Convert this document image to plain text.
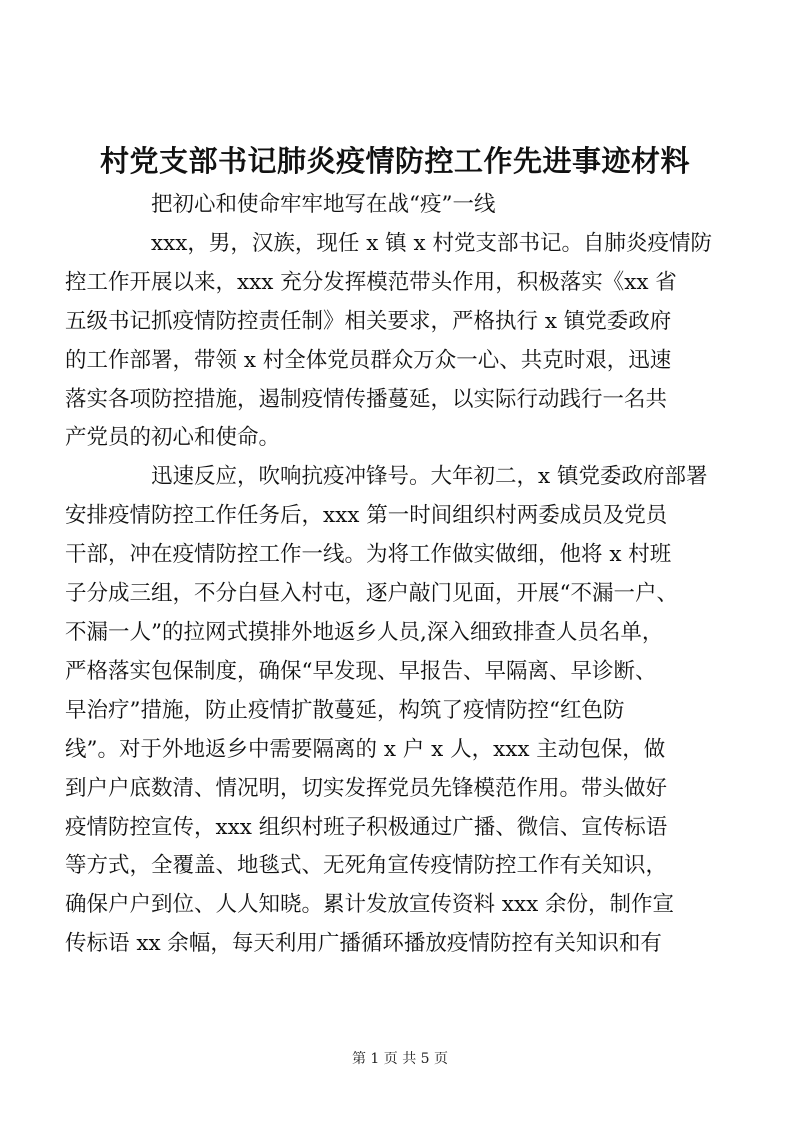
村党支部书记肺炎疫情防控工作先进事迹材料

把初心和使命牢牢地写在战“疫”一线

xxx，男，汉族，现任 x 镇 x 村党支部书记。自肺炎疫情防
控工作开展以来，xxx 充分发挥模范带头作用，积极落实《xx 省
五级书记抓疫情防控责任制》相关要求，严格执行 x 镇党委政府
的工作部署，带领 x 村全体党员群众万众一心、共克时艰，迅速
落实各项防控措施，遏制疫情传播蔓延，以实际行动践行一名共
产党员的初心和使命。

迅速反应，吹响抗疫冲锋号。大年初二，x 镇党委政府部署
安排疫情防控工作任务后，xxx 第一时间组织村两委成员及党员
干部，冲在疫情防控工作一线。为将工作做实做细，他将 x 村班
子分成三组，不分白昼入村屯，逐户敲门见面，开展“不漏一户、
不漏一人”的拉网式摸排外地返乡人员,深入细致排查人员名单，
严格落实包保制度，确保“早发现、早报告、早隔离、早诊断、
早治疗”措施，防止疫情扩散蔓延，构筑了疫情防控“红色防
线”。对于外地返乡中需要隔离的 x 户 x 人，xxx 主动包保，做
到户户底数清、情况明，切实发挥党员先锋模范作用。带头做好
疫情防控宣传，xxx 组织村班子积极通过广播、微信、宣传标语
等方式，全覆盖、地毯式、无死角宣传疫情防控工作有关知识，
确保户户到位、人人知晓。累计发放宣传资料 xxx 余份，制作宣
传标语 xx 余幅，每天利用广播循环播放疫情防控有关知识和有

第 1 页 共 5 页
